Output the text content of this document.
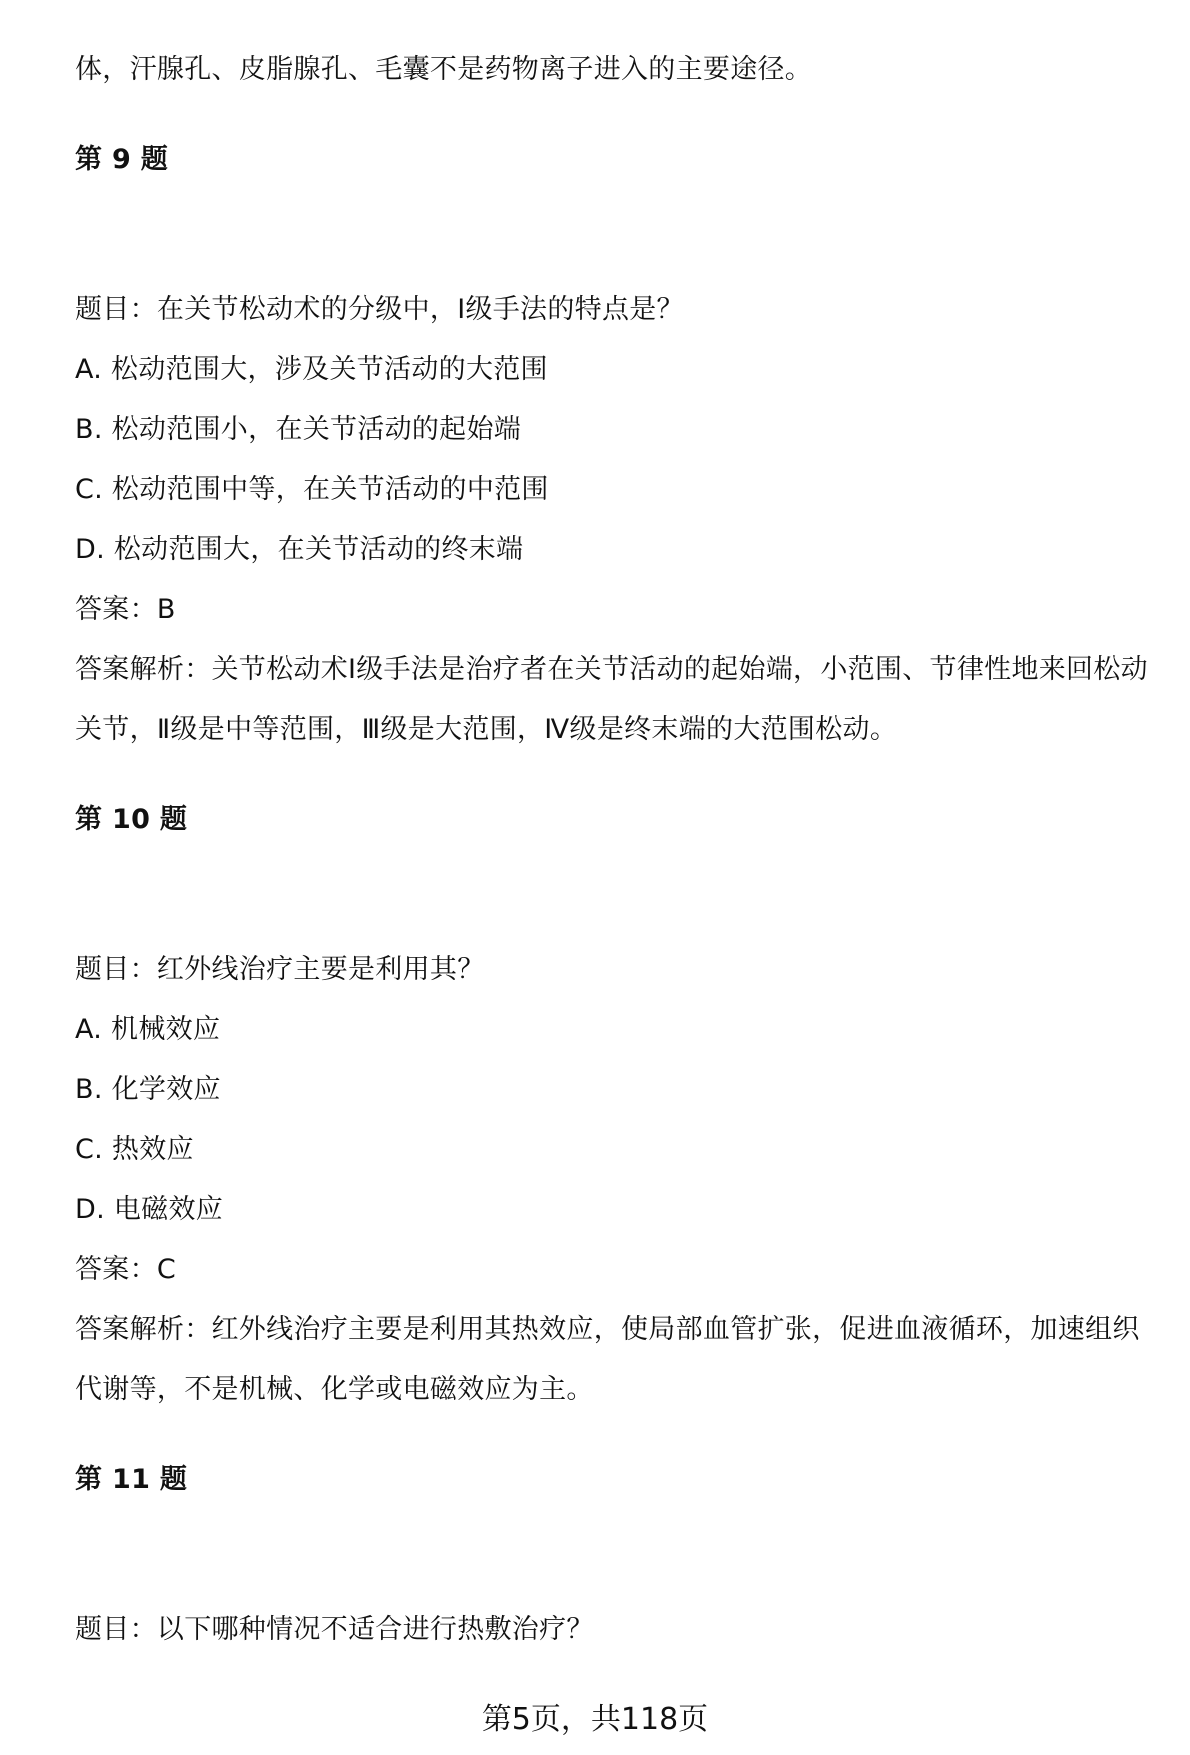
体，汗腺孔、皮脂腺孔、毛囊不是药物离子进入的主要途径。
第 9 题
题目：在关节松动术的分级中，Ⅰ级手法的特点是？
A. 松动范围大，涉及关节活动的大范围
B. 松动范围小，在关节活动的起始端
C. 松动范围中等，在关节活动的中范围
D. 松动范围大，在关节活动的终末端
答案：B
答案解析：关节松动术Ⅰ级手法是治疗者在关节活动的起始端，小范围、节律性地来回松动关节，Ⅱ级是中等范围，Ⅲ级是大范围，Ⅳ级是终末端的大范围松动。
第 10 题
题目：红外线治疗主要是利用其？
A. 机械效应
B. 化学效应
C. 热效应
D. 电磁效应
答案：C
答案解析：红外线治疗主要是利用其热效应，使局部血管扩张，促进血液循环，加速组织代谢等，不是机械、化学或电磁效应为主。
第 11 题
题目：以下哪种情况不适合进行热敷治疗？
第5页，共118页
